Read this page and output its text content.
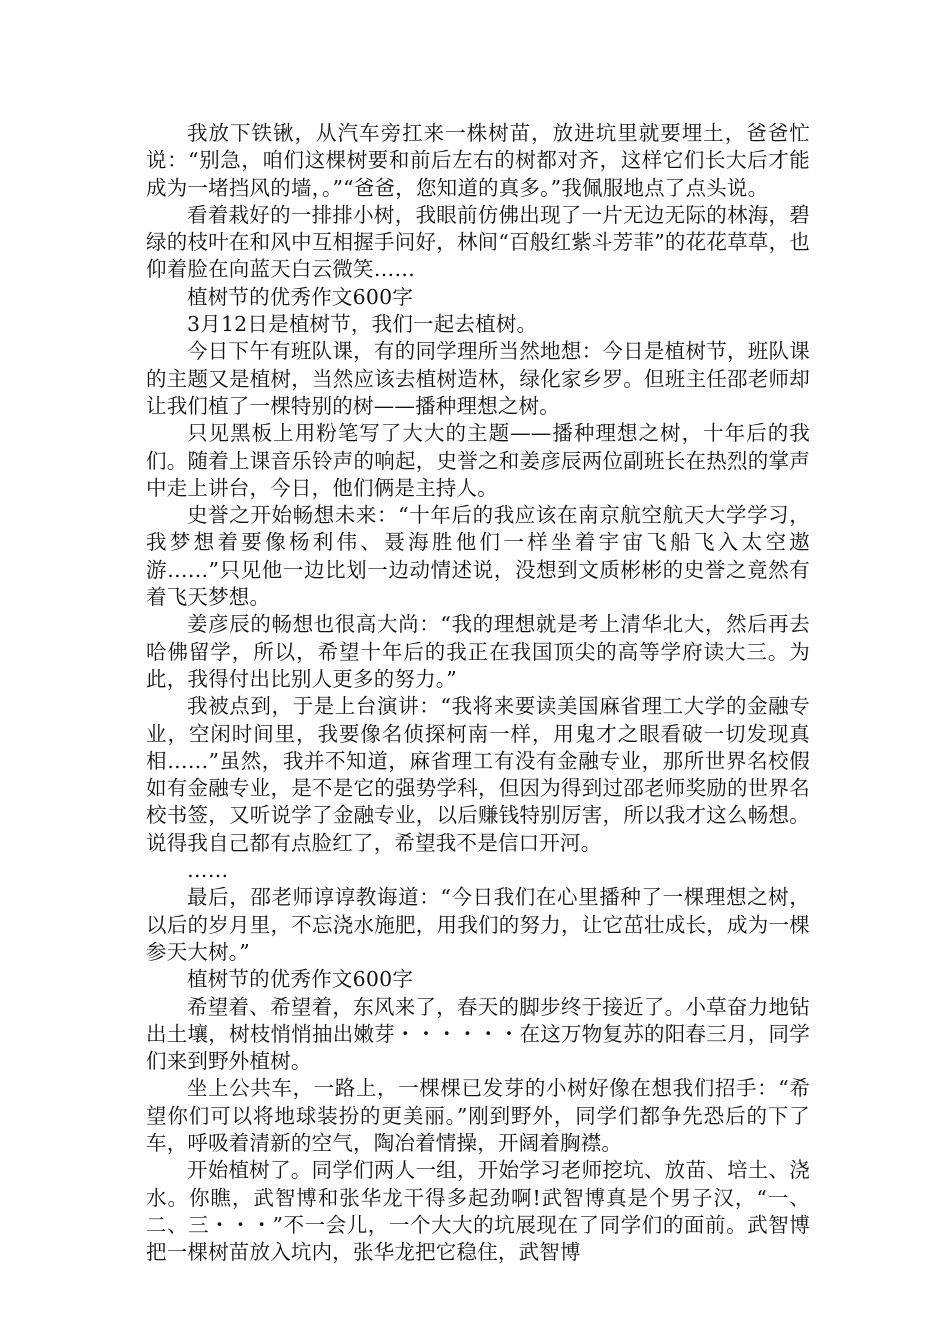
我放下铁锹，从汽车旁扛来一株树苗，放进坑里就要埋土，爸爸忙说：“别急，咱们这棵树要和前后左右的树都对齐，这样它们长大后才能成为一堵挡风的墙，。”“爸爸，您知道的真多。”我佩服地点了点头说。

看着栽好的一排排小树，我眼前仿佛出现了一片无边无际的林海，碧绿的枝叶在和风中互相握手问好，林间“百般红紫斗芳菲”的花花草草，也仰着脸在向蓝天白云微笑……

植树节的优秀作文600字

3月12日是植树节，我们一起去植树。

今日下午有班队课，有的同学理所当然地想：今日是植树节，班队课的主题又是植树，当然应该去植树造林，绿化家乡罗。但班主任邵老师却让我们植了一棵特别的树——播种理想之树。

只见黑板上用粉笔写了大大的主题——播种理想之树，十年后的我们。随着上课音乐铃声的响起，史誉之和姜彦辰两位副班长在热烈的掌声中走上讲台，今日，他们俩是主持人。

史誉之开始畅想未来：“十年后的我应该在南京航空航天大学学习，我梦想着要像杨利伟、聂海胜他们一样坐着宇宙飞船飞入太空遨游……”只见他一边比划一边动情述说，没想到文质彬彬的史誉之竟然有着飞天梦想。

姜彦辰的畅想也很高大尚：“我的理想就是考上清华北大，然后再去哈佛留学，所以，希望十年后的我正在我国顶尖的高等学府读大三。为此，我得付出比别人更多的努力。”

我被点到，于是上台演讲：“我将来要读美国麻省理工大学的金融专业，空闲时间里，我要像名侦探柯南一样，用鬼才之眼看破一切发现真相……”虽然，我并不知道，麻省理工有没有金融专业，那所世界名校假如有金融专业，是不是它的强势学科，但因为得到过邵老师奖励的世界名校书签，又听说学了金融专业，以后赚钱特别厉害，所以我才这么畅想。说得我自己都有点脸红了，希望我不是信口开河。

……

最后，邵老师谆谆教诲道：“今日我们在心里播种了一棵理想之树，以后的岁月里，不忘浇水施肥，用我们的努力，让它茁壮成长，成为一棵参天大树。”

植树节的优秀作文600字

希望着、希望着，东风来了，春天的脚步终于接近了。小草奋力地钻出土壤，树枝悄悄抽出嫩芽・・・・・・在这万物复苏的阳春三月，同学们来到野外植树。

坐上公共车，一路上，一棵棵已发芽的小树好像在想我们招手：“希望你们可以将地球装扮的更美丽。”刚到野外，同学们都争先恐后的下了车，呼吸着清新的空气，陶冶着情操，开阔着胸襟。

开始植树了。同学们两人一组，开始学习老师挖坑、放苗、培土、浇水。你瞧，武智博和张华龙干得多起劲啊!武智博真是个男子汉，“一、二、三・・・”不一会儿，一个大大的坑展现在了同学们的面前。武智博把一棵树苗放入坑内，张华龙把它稳住，武智博
